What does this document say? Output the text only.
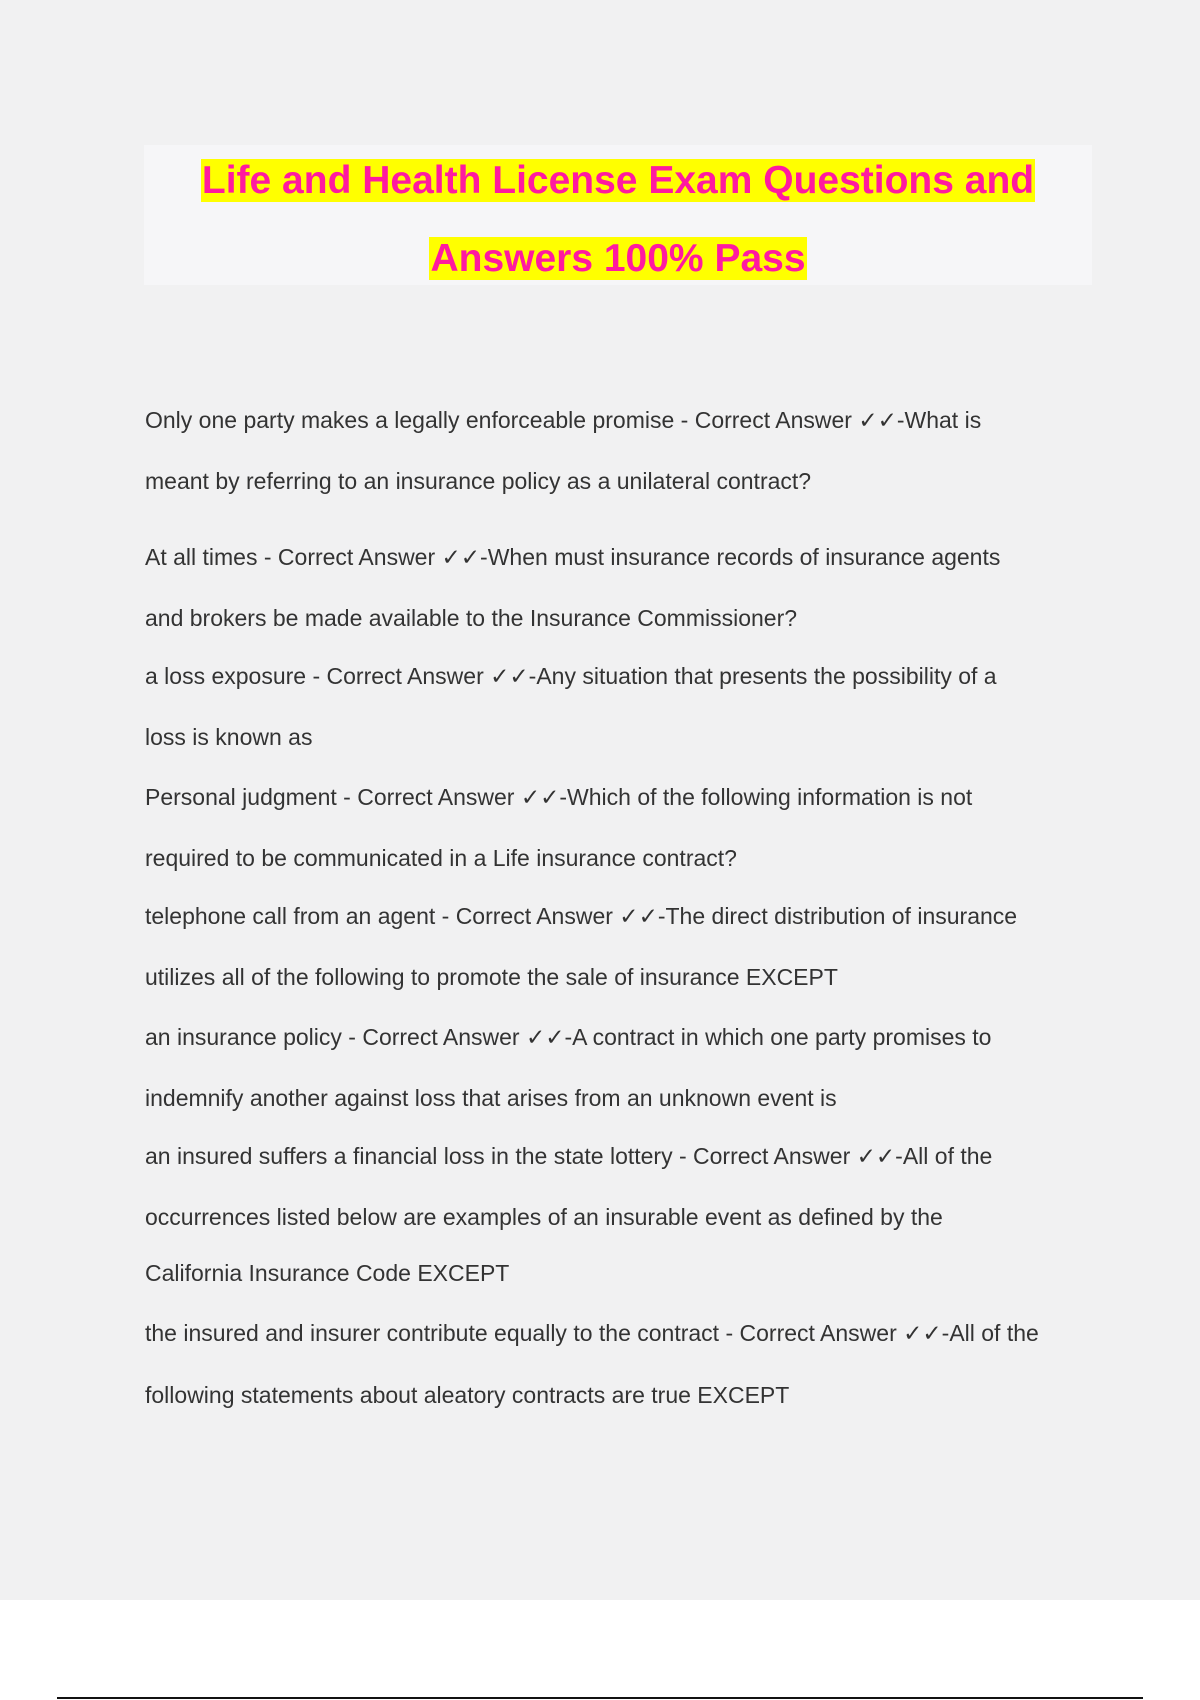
Life and Health License Exam Questions and
Answers 100% Pass
Only one party makes a legally enforceable promise - Correct Answer ✓✓-What is
meant by referring to an insurance policy as a unilateral contract?
At all times - Correct Answer ✓✓-When must insurance records of insurance agents
and brokers be made available to the Insurance Commissioner?
a loss exposure - Correct Answer ✓✓-Any situation that presents the possibility of a
loss is known as
Personal judgment - Correct Answer ✓✓-Which of the following information is not
required to be communicated in a Life insurance contract?
telephone call from an agent - Correct Answer ✓✓-The direct distribution of insurance
utilizes all of the following to promote the sale of insurance EXCEPT
an insurance policy - Correct Answer ✓✓-A contract in which one party promises to
indemnify another against loss that arises from an unknown event is
an insured suffers a financial loss in the state lottery - Correct Answer ✓✓-All of the
occurrences listed below are examples of an insurable event as defined by the
California Insurance Code EXCEPT
the insured and insurer contribute equally to the contract - Correct Answer ✓✓-All of the
following statements about aleatory contracts are true EXCEPT
